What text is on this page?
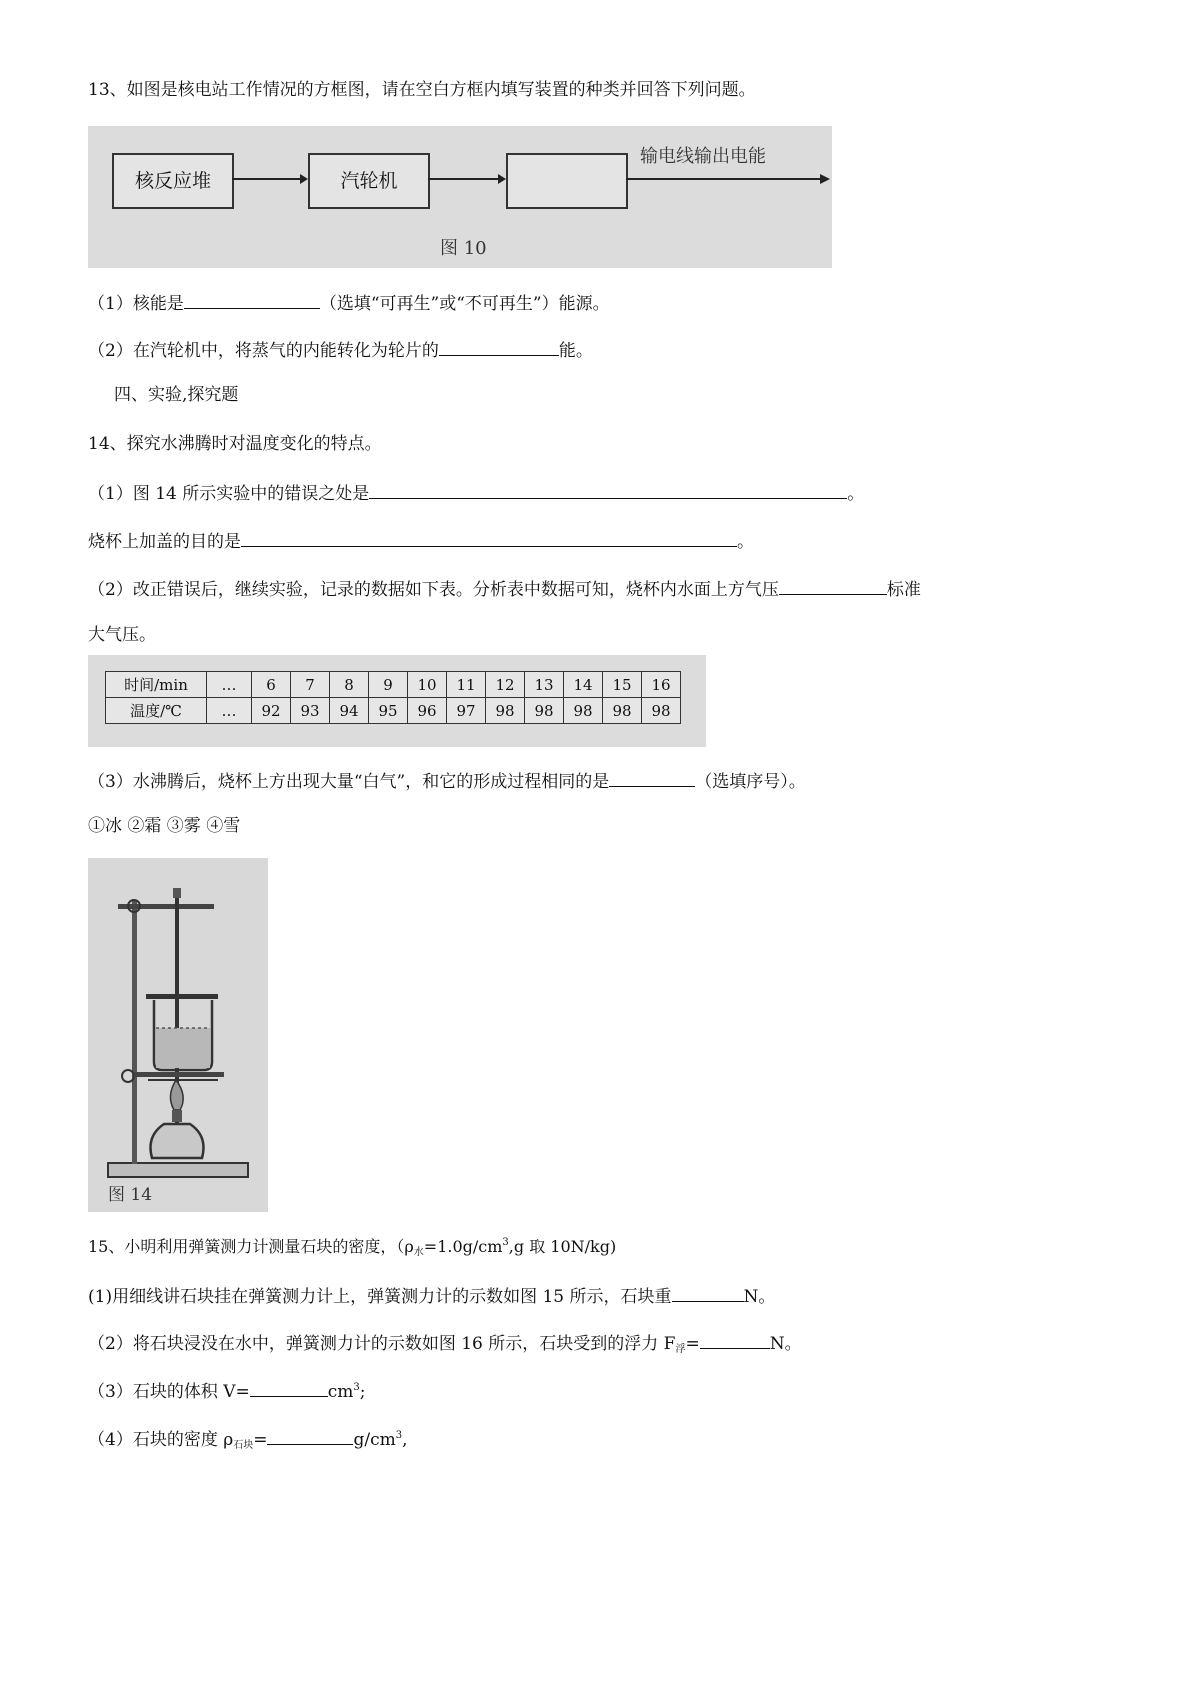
13、如图是核电站工作情况的方框图，请在空白方框内填写装置的种类并回答下列问题。
核反应堆	汽轮机
输电线输出电能
图 10
（1）核能是	（选填“可再生”或“不可再生”）能源。
（2）在汽轮机中，将蒸气的内能转化为轮片的	能。
四、实验,探究题
14、探究水沸腾时对温度变化的特点。
（1）图 14 所示实验中的错误之处是	。
烧杯上加盖的目的是	。
（2）改正错误后，继续实验，记录的数据如下表。分析表中数据可知，烧杯内水面上方气压	标准
大气压。
时间/min	…	6	7	8	9	10	11	12	13	14	15	16
温度/℃	…	92	93	94	95	96	97	98	98	98	98	98
（3）水沸腾后，烧杯上方出现大量“白气”，和它的形成过程相同的是	（选填序号）。
①冰 ②霜 ③雾 ④雪
图 14
15、小明利用弹簧测力计测量石块的密度，（ρ水$=1.0g/cm^3,g$ 取 10N/kg)
(1)用细线讲石块挂在弹簧测力计上，弹簧测力计的示数如图 15 所示，石块重	N。
（2）将石块浸没在水中，弹簧测力计的示数如图 16 所示，石块受到的浮力 F浮=	N。
（3）石块的体积 V=	$cm^3$;
（4）石块的密度 ρ石块=	$g/cm^3$,
